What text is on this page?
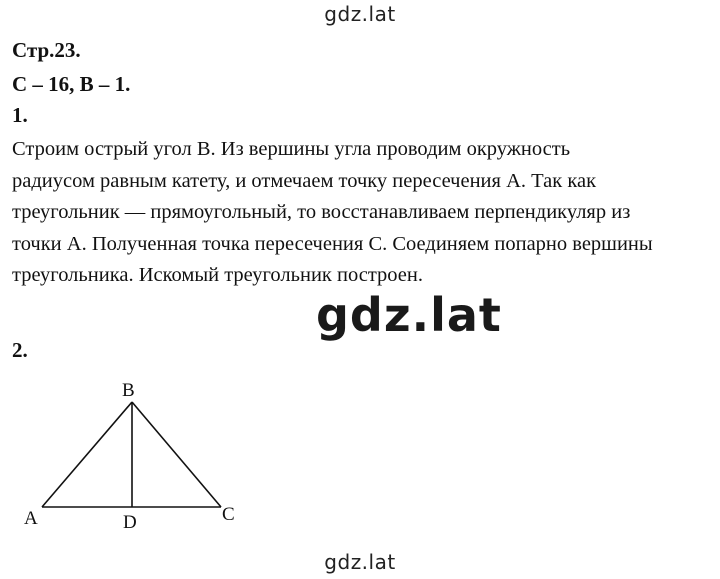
gdz.lat
Стр.23.
С – 16, В – 1.
1.

Строим острый угол В. Из вершины угла проводим окружность
радиусом равным катету, и отмечаем точку пересечения А. Так как
треугольник — прямоугольный, то восстанавливаем перпендикуляр из
точки А. Полученная точка пересечения С. Соединяем попарно вершины
треугольника. Искомый треугольник построен.

gdz.lat
2.
B
A	D	C
gdz.lat
